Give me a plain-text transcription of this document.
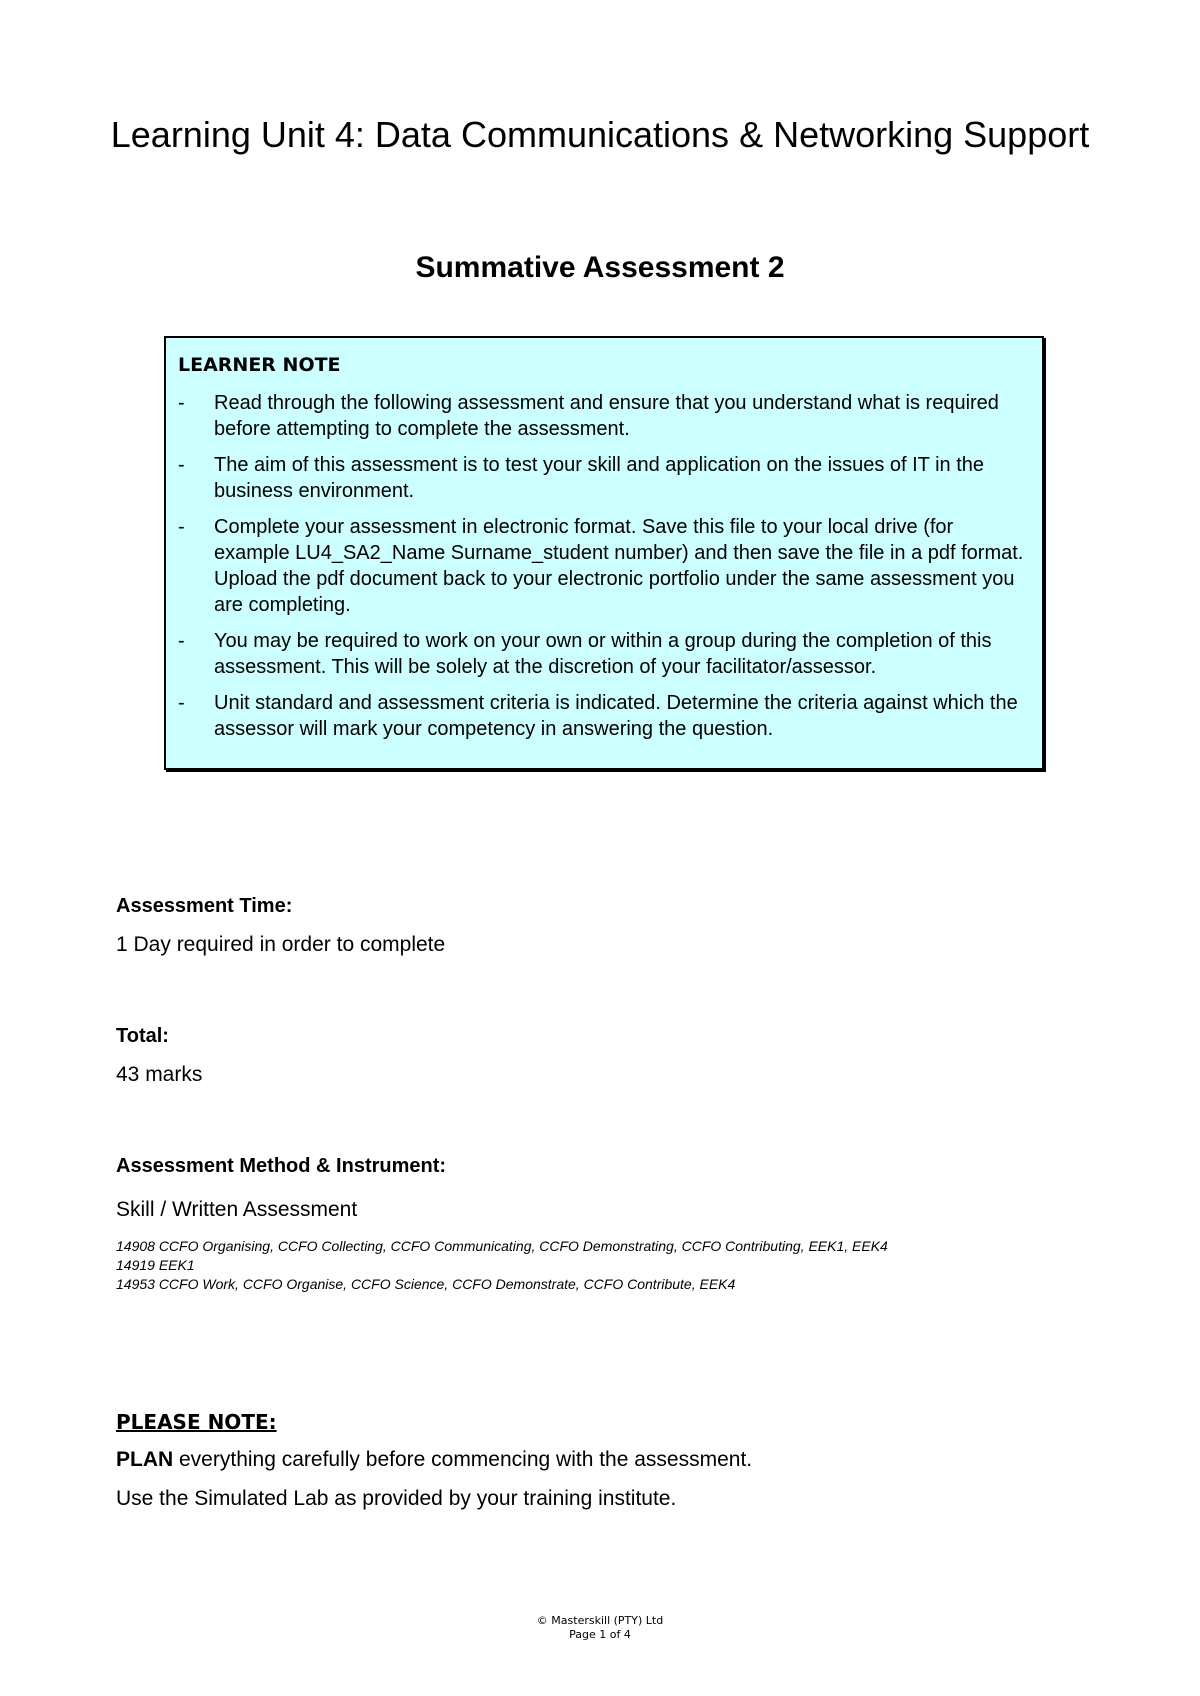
Learning Unit 4: Data Communications & Networking Support
Summative Assessment 2

LEARNER NOTE

- Read through the following assessment and ensure that you understand what is required before attempting to complete the assessment.
- The aim of this assessment is to test your skill and application on the issues of IT in the business environment.
- Complete your assessment in electronic format. Save this file to your local drive (for example LU4_SA2_Name Surname_student number) and then save the file in a pdf format. Upload the pdf document back to your electronic portfolio under the same assessment you are completing.
- You may be required to work on your own or within a group during the completion of this assessment. This will be solely at the discretion of your facilitator/assessor.
- Unit standard and assessment criteria is indicated. Determine the criteria against which the assessor will mark your competency in answering the question.

Assessment Time:

1 Day required in order to complete

Total:

43 marks

Assessment Method & Instrument:

Skill / Written Assessment

14908 CCFO Organising, CCFO Collecting, CCFO Communicating, CCFO Demonstrating, CCFO Contributing, EEK1, EEK4
14919 EEK1
14953 CCFO Work, CCFO Organise, CCFO Science, CCFO Demonstrate, CCFO Contribute, EEK4

PLEASE NOTE:

PLAN everything carefully before commencing with the assessment.

Use the Simulated Lab as provided by your training institute.

© Masterskill (PTY) Ltd
Page 1 of 4
